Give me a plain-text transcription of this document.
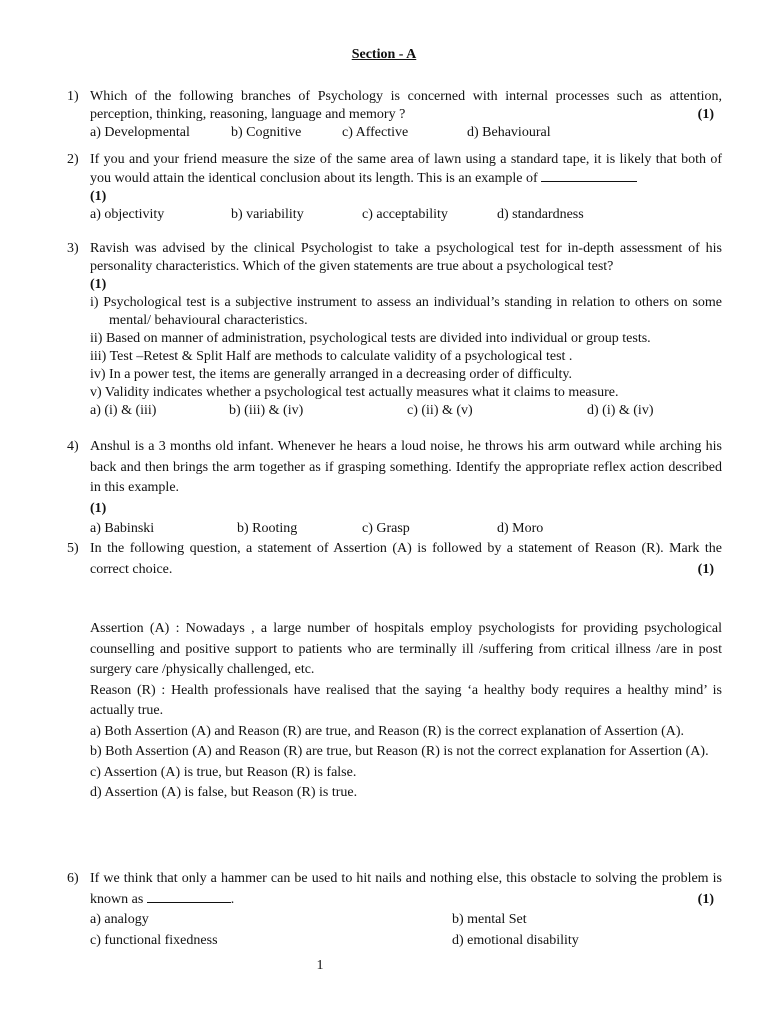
Section - A
1) Which of the following branches of Psychology is concerned with internal processes such as attention, perception, thinking, reasoning, language and memory ?	(1)
a) Developmental	b) Cognitive	c) Affective	d) Behavioural
2) If you and your friend measure the size of the same area of lawn using a standard tape, it is likely that both of you would attain the identical conclusion about its length. This is an example of
(1)
a) objectivity	b) variability	c) acceptability	d) standardness
3) Ravish was advised by the clinical Psychologist to take a psychological test for in-depth assessment of his personality characteristics. Which of the given statements are true about a psychological test?
(1)
i) Psychological test is a subjective instrument to assess an individual’s standing in relation to others on some mental/ behavioural characteristics.
ii) Based on manner of administration, psychological tests are divided into individual or group tests.
iii) Test –Retest & Split Half are methods to calculate validity of a psychological test .
iv) In a power test, the items are generally arranged in a decreasing order of difficulty.
v) Validity indicates whether a psychological test actually measures what it claims to measure.
a) (i) & (iii)	b) (iii) & (iv)	c) (ii) & (v)	d) (i) & (iv)
4) Anshul is a 3 months old infant. Whenever he hears a loud noise, he throws his arm outward while arching his back and then brings the arm together as if grasping something. Identify the appropriate reflex action described in this example.
(1)
a) Babinski	b) Rooting	c) Grasp	d) Moro
5) In the following question, a statement of Assertion (A) is followed by a statement of Reason (R). Mark the correct choice.	(1)
Assertion (A) : Nowadays , a large number of hospitals employ psychologists for providing psychological counselling and positive support to patients who are terminally ill /suffering from critical illness /are in post surgery care /physically challenged, etc.
Reason (R) : Health professionals have realised that the saying ‘a healthy body requires a healthy mind’ is actually true.
a) Both Assertion (A) and Reason (R) are true, and Reason (R) is the correct explanation of Assertion (A).
b) Both Assertion (A) and Reason (R) are true, but Reason (R) is not the correct explanation for Assertion (A).
c) Assertion (A) is true, but Reason (R) is false.
d) Assertion (A) is false, but Reason (R) is true.
6) If we think that only a hammer can be used to hit nails and nothing else, this obstacle to solving the problem is known as	.	(1)
a) analogy	b) mental Set
c) functional fixedness	d) emotional disability
1
